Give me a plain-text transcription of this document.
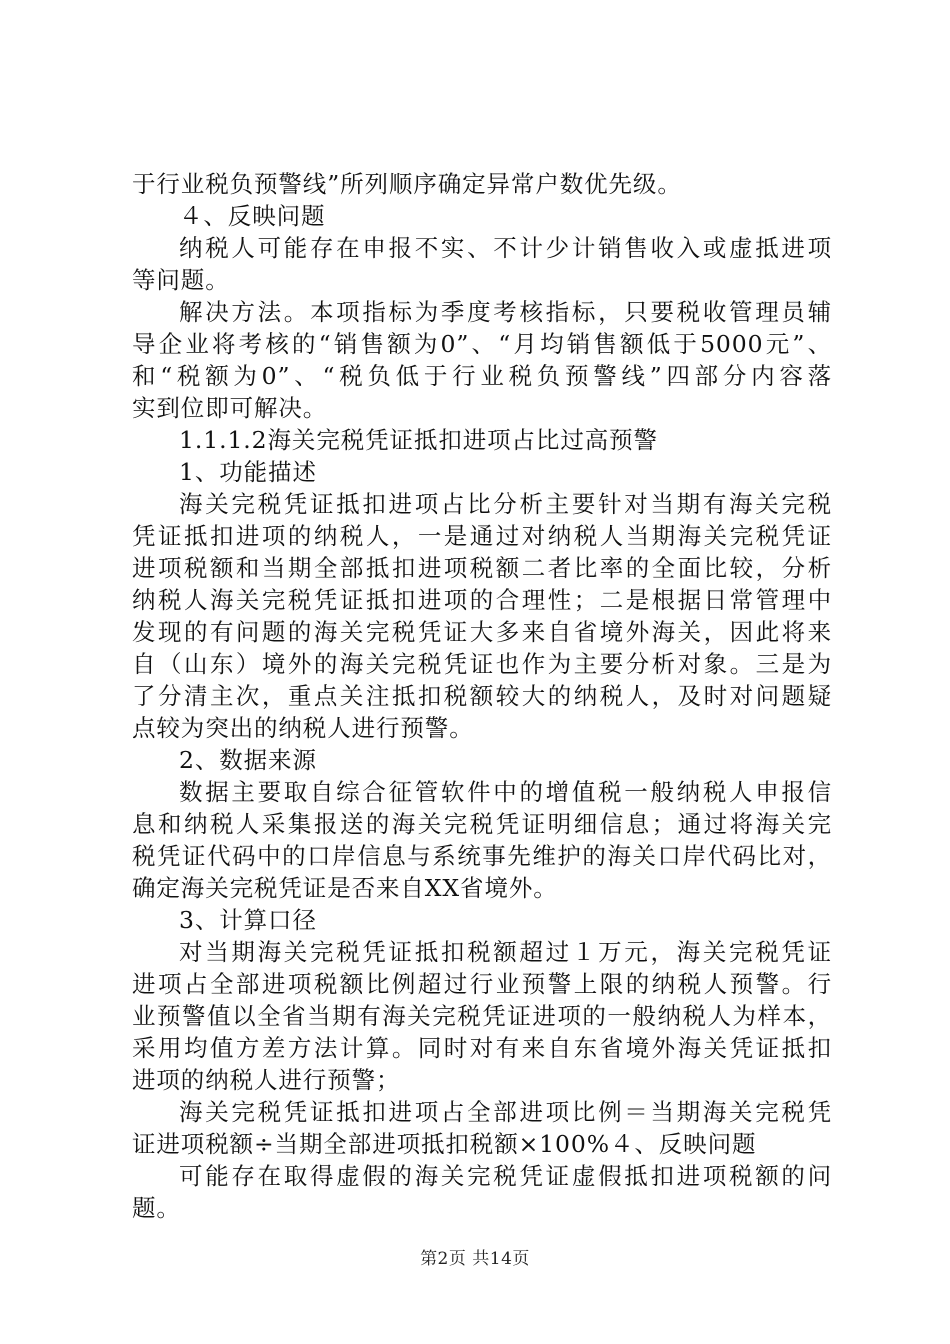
于行业税负预警线”所列顺序确定异常户数优先级。
４、反映问题
纳税人可能存在申报不实、不计少计销售收入或虚抵进项
等问题。
解决方法。本项指标为季度考核指标，只要税收管理员辅
导企业将考核的“销售额为0”、“月均销售额低于5000元”、
和“税额为0”、“税负低于行业税负预警线”四部分内容落
实到位即可解决。
1.1.1.2海关完税凭证抵扣进项占比过高预警
1、功能描述
海关完税凭证抵扣进项占比分析主要针对当期有海关完税
凭证抵扣进项的纳税人，一是通过对纳税人当期海关完税凭证
进项税额和当期全部抵扣进项税额二者比率的全面比较，分析
纳税人海关完税凭证抵扣进项的合理性；二是根据日常管理中
发现的有问题的海关完税凭证大多来自省境外海关，因此将来
自（山东）境外的海关完税凭证也作为主要分析对象。三是为
了分清主次，重点关注抵扣税额较大的纳税人，及时对问题疑
点较为突出的纳税人进行预警。
2、数据来源
数据主要取自综合征管软件中的增值税一般纳税人申报信
息和纳税人采集报送的海关完税凭证明细信息；通过将海关完
税凭证代码中的口岸信息与系统事先维护的海关口岸代码比对，
确定海关完税凭证是否来自XX省境外。
3、计算口径
对当期海关完税凭证抵扣税额超过１万元，海关完税凭证
进项占全部进项税额比例超过行业预警上限的纳税人预警。行
业预警值以全省当期有海关完税凭证进项的一般纳税人为样本，
采用均值方差方法计算。同时对有来自东省境外海关凭证抵扣
进项的纳税人进行预警；
海关完税凭证抵扣进项占全部进项比例＝当期海关完税凭
证进项税额÷当期全部进项抵扣税额×100%４、反映问题
可能存在取得虚假的海关完税凭证虚假抵扣进项税额的问
题。
第2页 共14页
